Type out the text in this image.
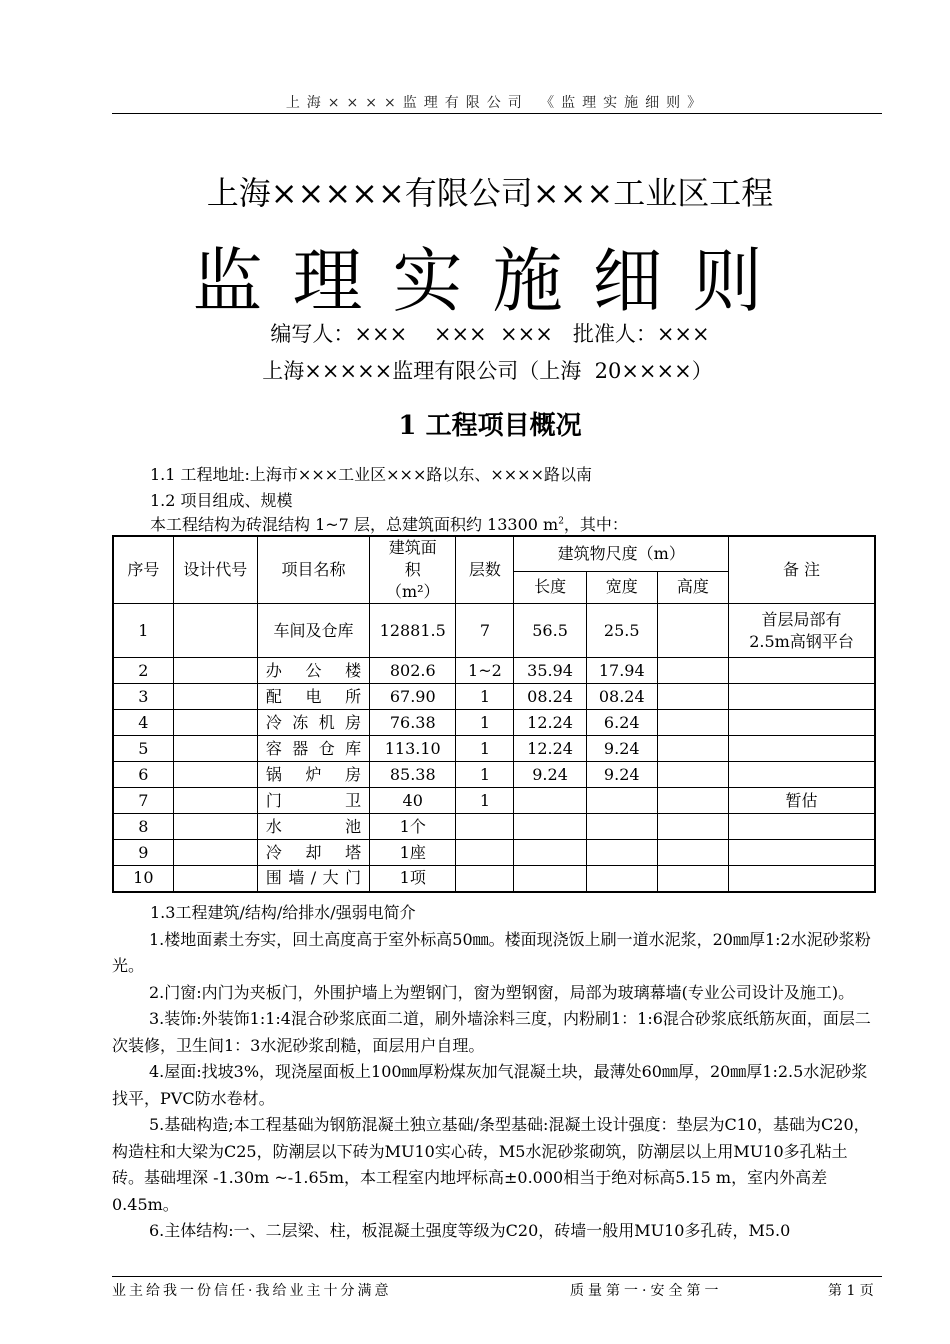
上海××××监理有限公司 《监理实施细则》
上海×××××有限公司×××工业区工程
监理实施细则
编写人：×××    ×××  ×××   批准人：×××
上海×××××监理有限公司（上海  20××××）
1 工程项目概况
1.1 工程地址:上海市×××工业区×××路以东、××××路以南
1.2 项目组成、规模
本工程结构为砖混结构 1~7 层，总建筑面积约 13300 $m^2$，其中：
序号	设计代号	项目名称	建筑面积（m²）	层数	建筑物尺度（m）			备 注
					长度	宽度	高度	
1		车间及仓库	12881.5	7	56.5	25.5		首层局部有
2.5m高钢平台

2		办公楼	802.6	1~2	35.94	17.94		
3		配电所	67.90	1	08.24	08.24		
4		冷冻机房	76.38	1	12.24	6.24		
5		容器仓库	113.10	1	12.24	9.24		
6		锅炉房	85.38	1	9.24	9.24		
7		门卫	40	1				暂估
8		水池	1个					
9		冷却塔	1座					
10		围墙/大门	1项					

1.3工程建筑/结构/给排水/强弱电简介

1.楼地面素土夯实，回土高度高于室外标高50㎜。楼面现浇饭上刷一道水泥浆，20㎜厚1:2水泥砂浆粉光。

2.门窗:内门为夹板门，外围护墙上为塑钢门，窗为塑钢窗，局部为玻璃幕墙(专业公司设计及施工)。

3.装饰:外装饰1:1:4混合砂浆底面二道，刷外墙涂料三度，内粉刷1：1:6混合砂浆底纸筋灰面，面层二次装修，卫生间1：3水泥砂浆刮糙，面层用户自理。

4.屋面:找坡3%，现浇屋面板上100㎜厚粉煤灰加气混凝土块，最薄处60㎜厚，20㎜厚1:2.5水泥砂浆找平，PVC防水卷材。

5.基础构造;本工程基础为钢筋混凝土独立基础/条型基础:混凝土设计强度：垫层为C10，基础为C20，构造柱和大梁为C25，防潮层以下砖为MU10实心砖，M5水泥砂浆砌筑，防潮层以上用MU10多孔粘土砖。基础埋深 -1.30m ~-1.65m，本工程室内地坪标高±0.000相当于绝对标高5.15 m，室内外高差0.45m。

6.主体结构:一、二层梁、柱，板混凝土强度等级为C20，砖墙一般用MU10多孔砖，M5.0

业主给我一份信任·我给业主十分满意	质量第一·安全第一	第 1 页
